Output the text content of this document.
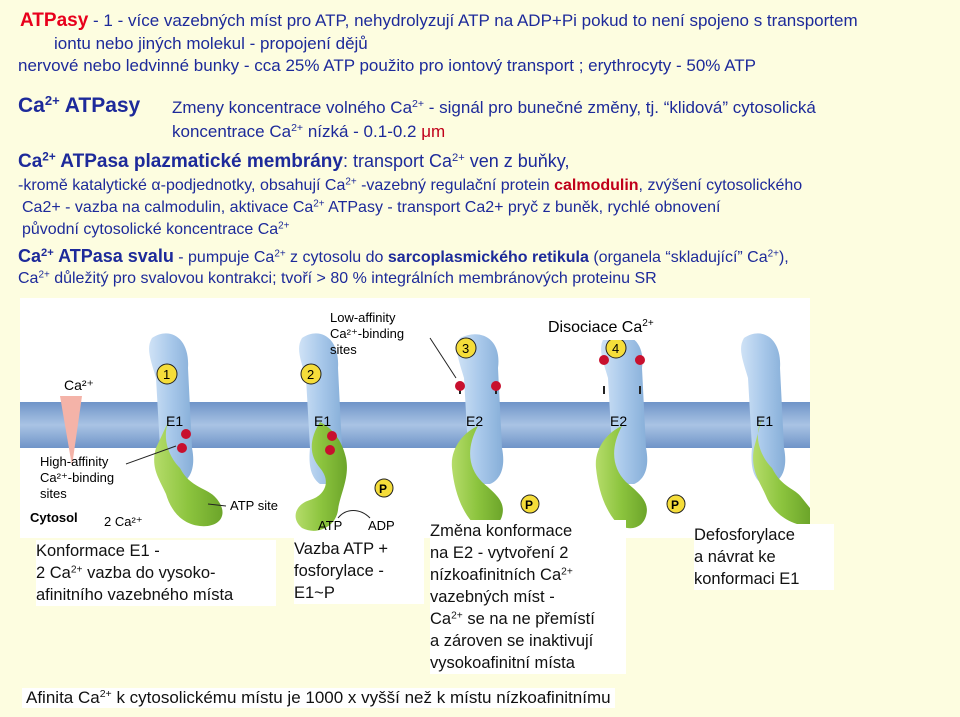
ATPasy - 1 - více vazebných míst pro ATP, nehydrolyzují ATP na ADP+Pi pokud to není spojeno s transportem
iontu nebo jiných molekul - propojení dějů
nervové nebo ledvinné bunky - cca 25% ATP použito pro iontový transport ; erythrocyty - 50% ATP
$Ca^{2+}$ ATPasy Zmeny koncentrace volného $Ca^{2+}$ - signál pro bunečné změny, tj. “klidová” cytosolická
koncentrace $Ca^{2+}$ nízká - 0.1-0.2 μm
$Ca^{2+}$ ATPasa plazmatické membrány: transport $Ca^{2+}$ ven z buňky,
-kromě katalytické α-podjednotky, obsahují $Ca^{2+}$ -vazebný regulační protein calmodulin, zvýšení cytosolického
Ca2+ - vazba na calmodulin, aktivace $Ca^{2+}$ ATPasy - transport Ca2+ pryč z buněk, rychlé obnovení
původní cytosolické koncentrace $Ca^{2+}$
$Ca^{2+}$ ATPasa svalu - pumpuje $Ca^{2+}$ z cytosolu do sarcoplasmického retikula (organela “skladující” $Ca^{2+}$),
$Ca^{2+}$ důležitý pro svalovou kontrakci; tvoří > 80 % integrálních membránových proteinu SR
Ca²⁺
1	2
3	4
E1	E1	E2	E2	E1
Low-affinity
Ca²⁺-binding
sites
Disociace $Ca^{2+}$
High-affinity
Ca²⁺-binding
sites
Cytosol 2 Ca²⁺
ATP site
ATP ADP
P
P	P
Konformace E1 -
2 $Ca^{2+}$ vazba do vysoko-
afinitního vazebného místa
Vazba ATP +
fosforylace -
E1~P
Změna konformace
na E2 - vytvoření 2
nízkoafinitních $Ca^{2+}$
vazebných míst -
$Ca^{2+}$ se na ne přemístí
a zároven se inaktivují
vysokoafinitní místa
Defosforylace
a návrat ke
konformaci E1
Afinita $Ca^{2+}$ k cytosolickému místu je 1000 x vyšší než k místu nízkoafinitnímu
